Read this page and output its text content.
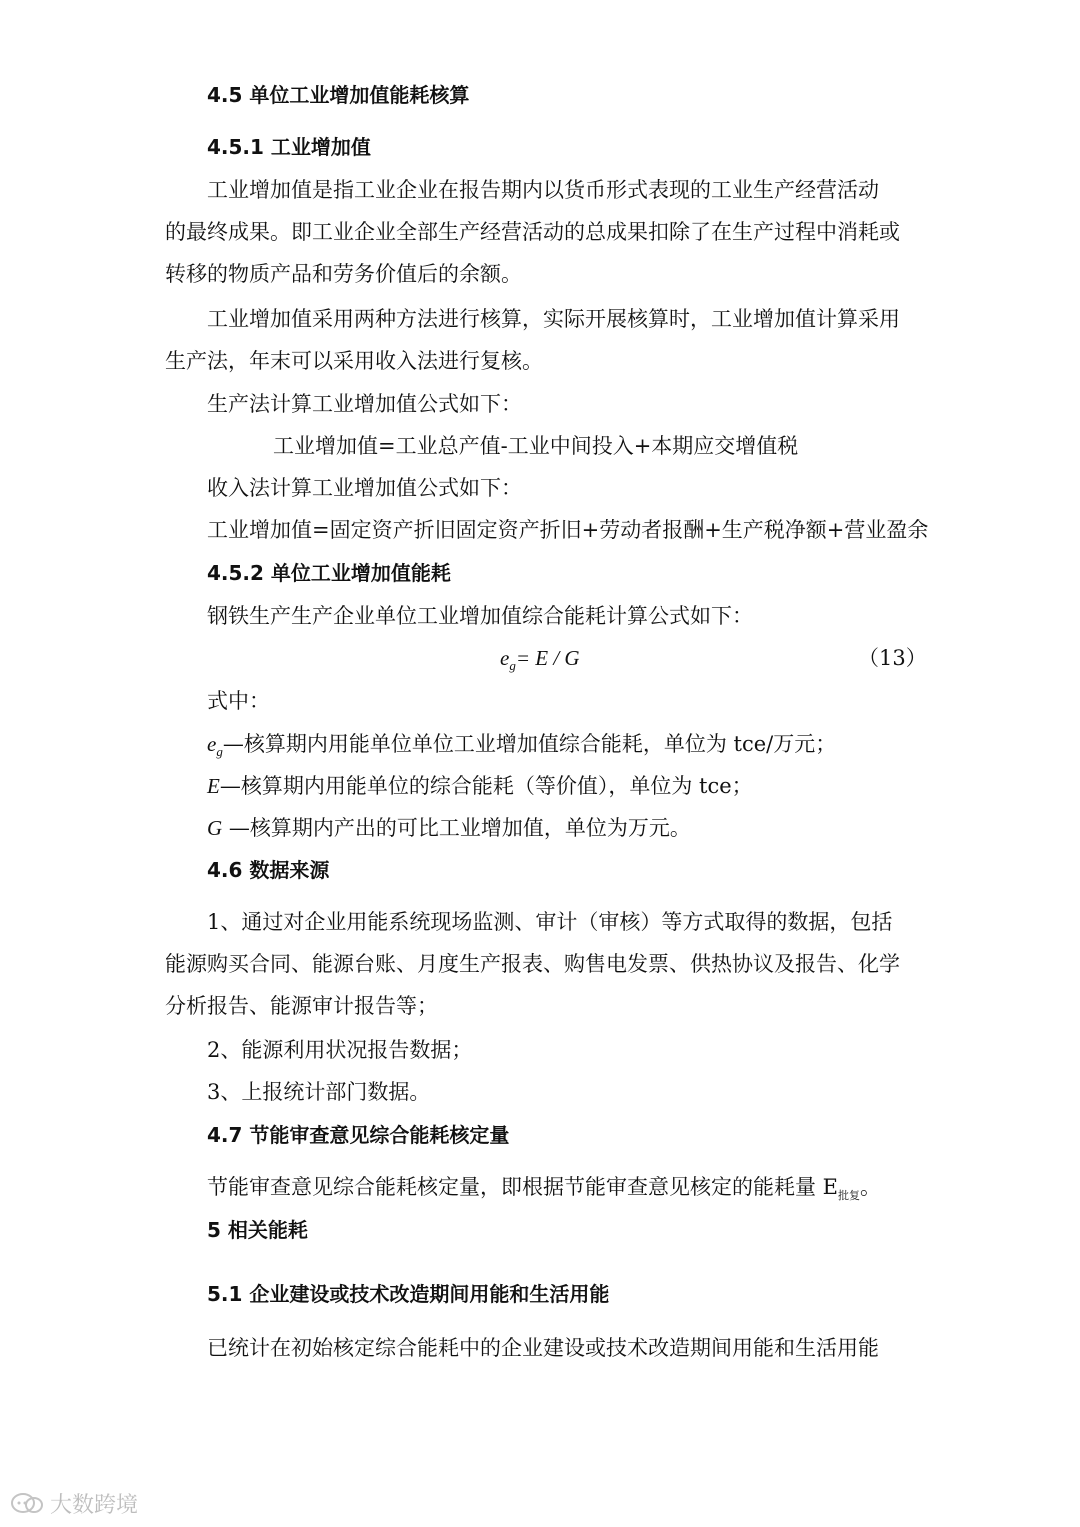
4.5 单位工业增加值能耗核算
4.5.1 工业增加值
工业增加值是指工业企业在报告期内以货币形式表现的工业生产经营活动
的最终成果。即工业企业全部生产经营活动的总成果扣除了在生产过程中消耗或
转移的物质产品和劳务价值后的余额。
工业增加值采用两种方法进行核算，实际开展核算时，工业增加值计算采用
生产法，年末可以采用收入法进行复核。
生产法计算工业增加值公式如下：
工业增加值=工业总产值-工业中间投入+本期应交增值税
收入法计算工业增加值公式如下：
工业增加值=固定资产折旧固定资产折旧+劳动者报酬+生产税净额+营业盈余
4.5.2 单位工业增加值能耗
钢铁生产生产企业单位工业增加值综合能耗计算公式如下：
$e_g= E / G$	（13）
式中：
$e_g—$核算期内用能单位单位工业增加值综合能耗，单位为 tce/万元；
E—核算期内用能单位的综合能耗（等价值），单位为 tce；
G —核算期内产出的可比工业增加值，单位为万元。
4.6 数据来源
1、通过对企业用能系统现场监测、审计（审核）等方式取得的数据，包括
能源购买合同、能源台账、月度生产报表、购售电发票、供热协议及报告、化学
分析报告、能源审计报告等；
2、能源利用状况报告数据；
3、上报统计部门数据。
4.7 节能审查意见综合能耗核定量
节能审查意见综合能耗核定量，即根据节能审查意见核定的能耗量 $E_{批复}$。
5 相关能耗
5.1 企业建设或技术改造期间用能和生活用能
已统计在初始核定综合能耗中的企业建设或技术改造期间用能和生活用能
大数跨境
